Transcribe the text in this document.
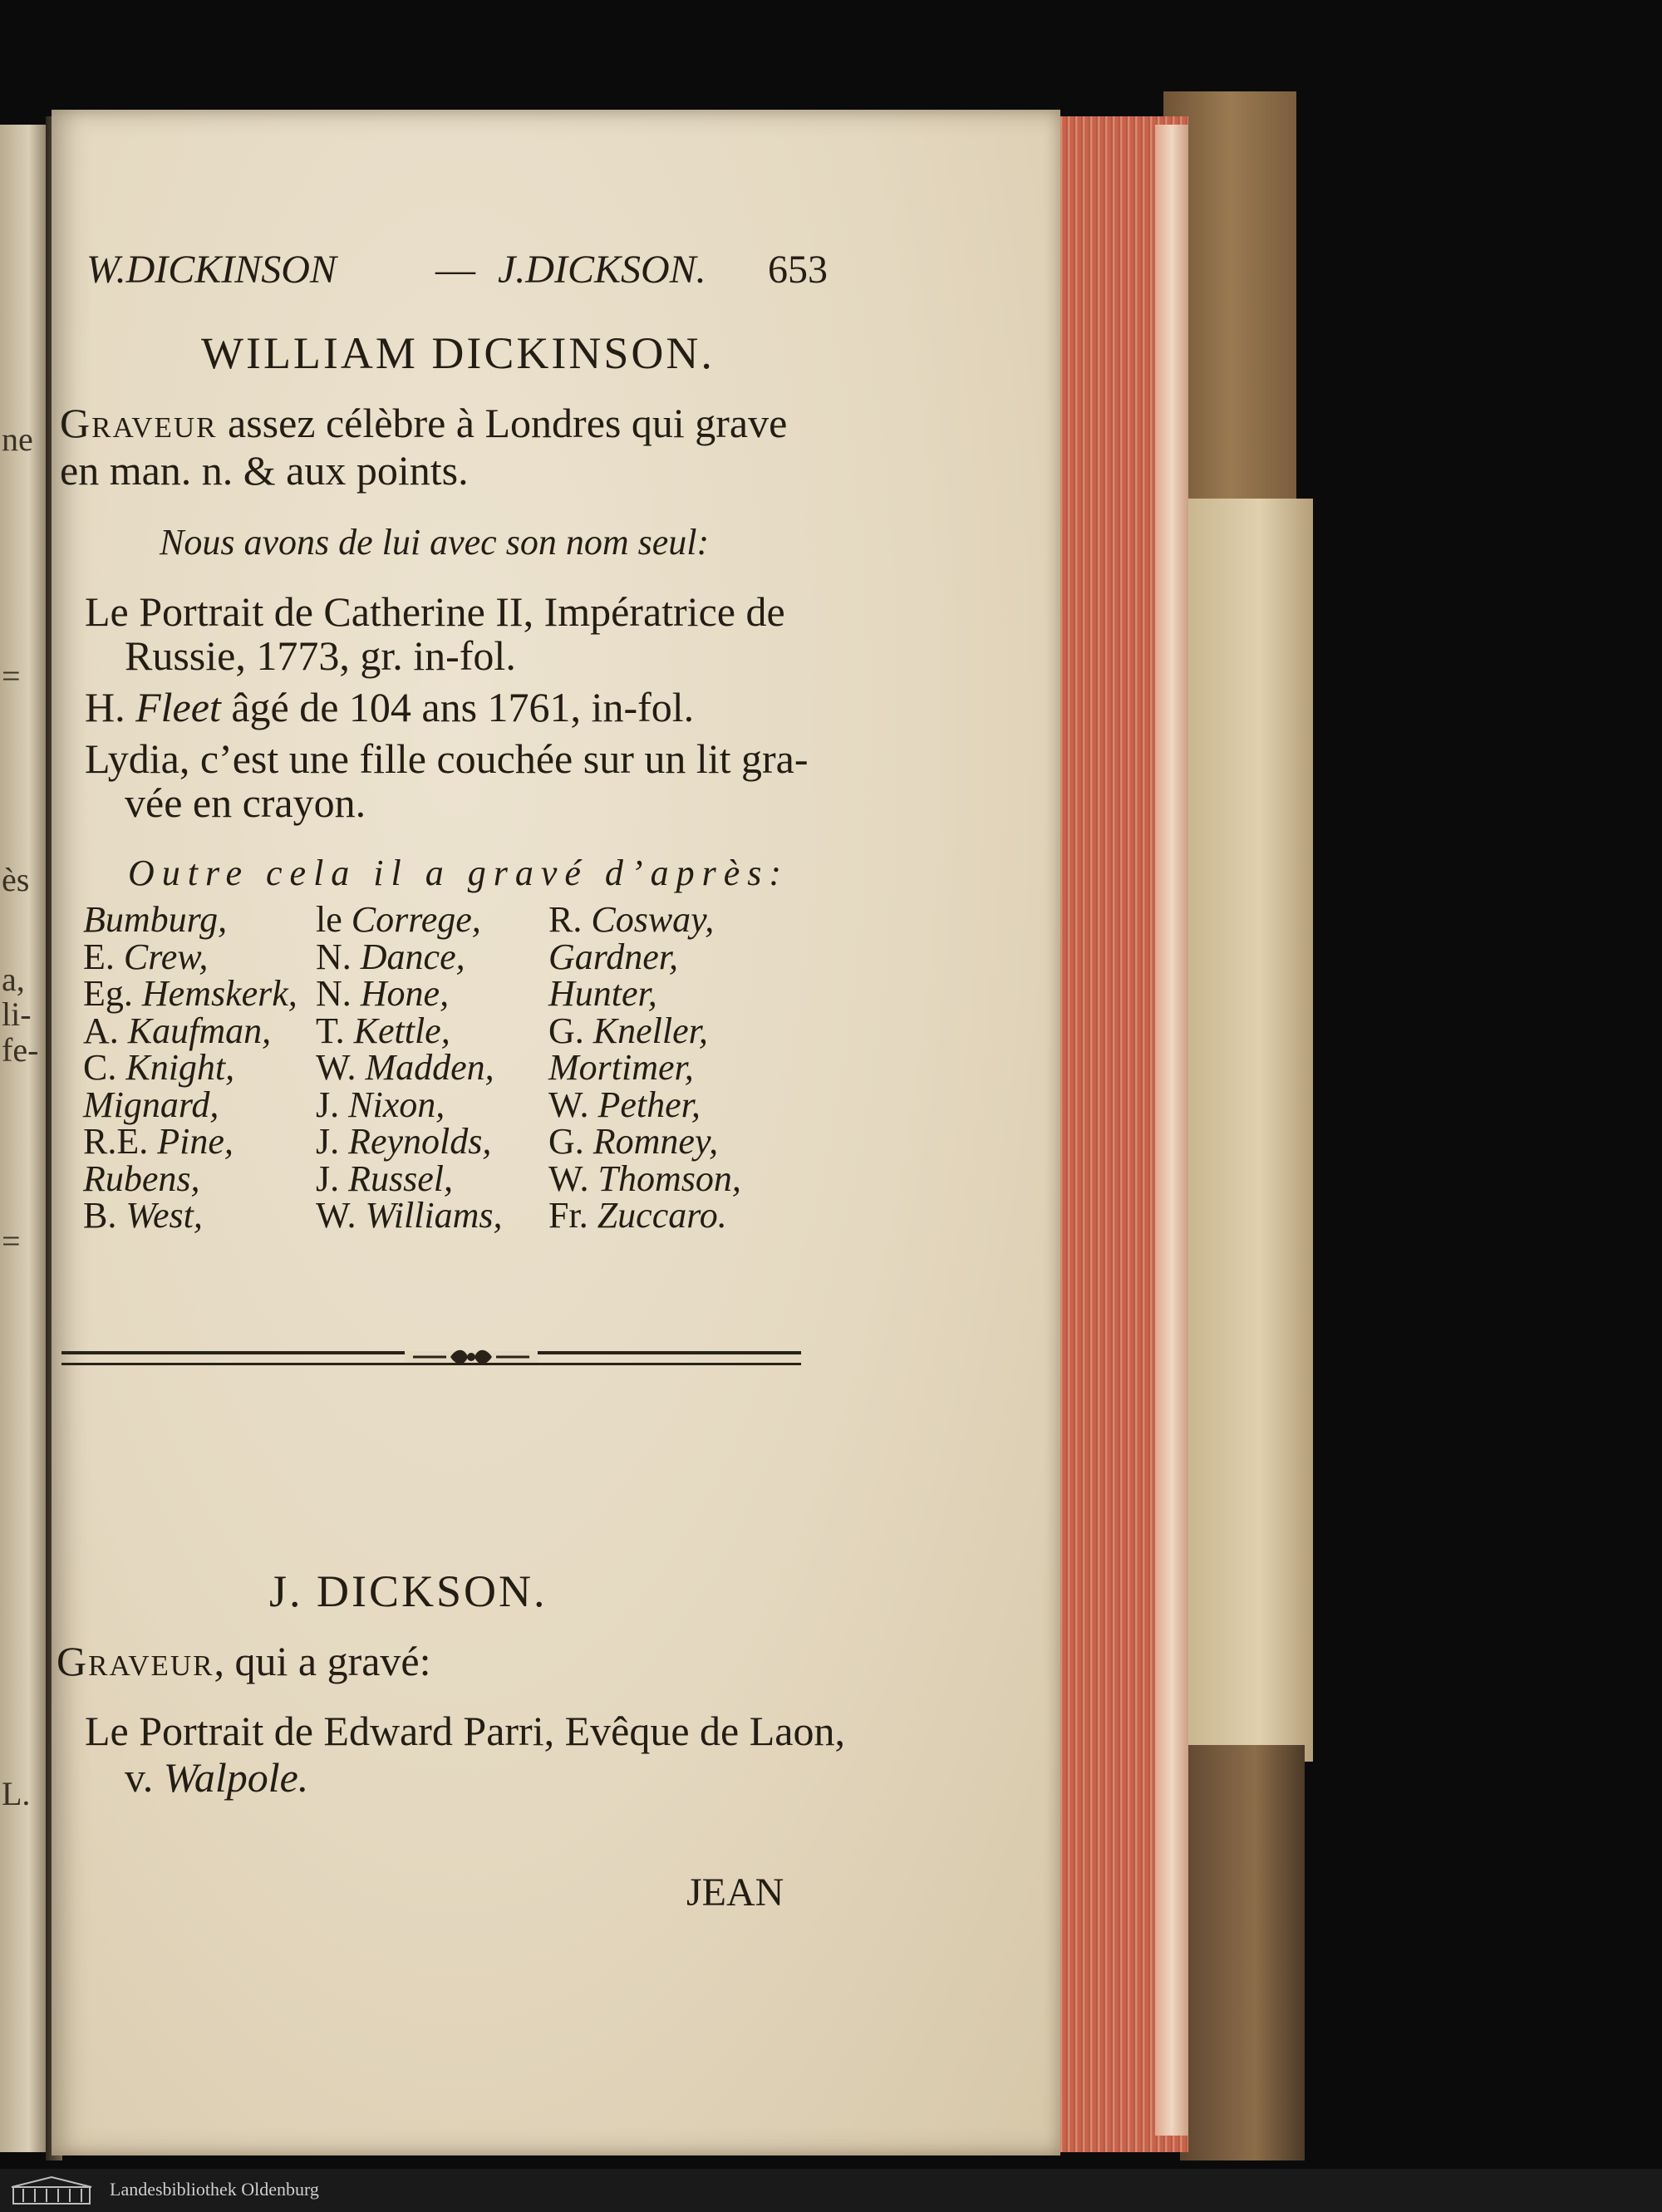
ne
=
ès
a,
li-
fe-
=
L.
W.DICKINSON — J.DICKSON. 653
WILLIAM DICKINSON.
Graveur assez célèbre à Londres qui grave
en man. n. & aux points.
Nous avons de lui avec son nom seul:
Le Portrait de Catherine II, Impératrice de
Russie, 1773, gr. in-fol.
H. Fleet âgé de 104 ans 1761, in-fol.
Lydia, c’est une fille couchée sur un lit gra-
vée en crayon.
Outre cela il a gravé d’après:
Bumburg,
E. Crew,
Eg. Hemskerk,
A. Kaufman,
C. Knight,
Mignard,
R.E. Pine,
Rubens,
B. West,
le Correge,
N. Dance,
N. Hone,
T. Kettle,
W. Madden,
J. Nixon,
J. Reynolds,
J. Russel,
W. Williams,
R. Cosway,
Gardner,
Hunter,
G. Kneller,
Mortimer,
W. Pether,
G. Romney,
W. Thomson,
Fr. Zuccaro.
J. DICKSON.
Graveur, qui a gravé:
Le Portrait de Edward Parri, Evêque de Laon,
v. Walpole.
JEAN
Landesbibliothek Oldenburg
